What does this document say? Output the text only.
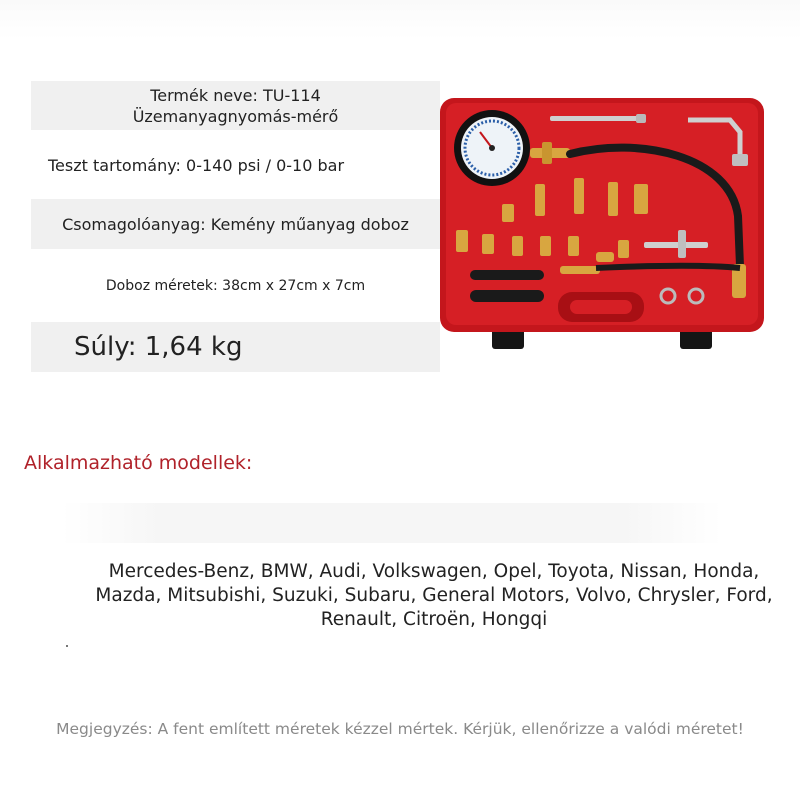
Termék neve: TU-114
Üzemanyagnyomás-mérő
Teszt tartomány: 0-140 psi / 0-10 bar
Csomagolóanyag: Kemény műanyag doboz
Doboz méretek: 38cm x 27cm x 7cm
Súly: 1,64 kg
Alkalmazható modellek:
Mercedes-Benz, BMW, Audi, Volkswagen, Opel, Toyota, Nissan, Honda, Mazda, Mitsubishi, Suzuki, Subaru, General Motors, Volvo, Chrysler, Ford, Renault, Citroën, Hongqi
Megjegyzés: A fent említett méretek kézzel mértek. Kérjük, ellenőrizze a valódi méretet!
